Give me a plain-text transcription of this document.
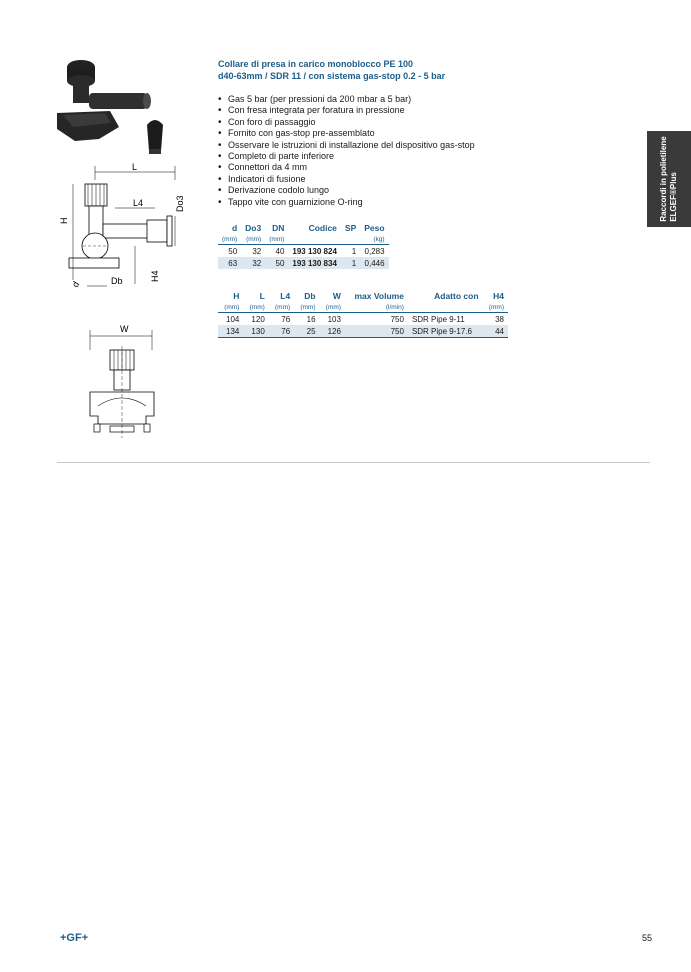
L
L4	Do3
H
H4
Db
d
W
Collare di presa in carico monoblocco PE 100
d40-63mm / SDR 11 / con sistema gas-stop 0.2 - 5 bar
• Gas 5 bar (per pressioni da 200 mbar a 5 bar)
• Con fresa integrata per foratura in pressione
• Con foro di passaggio
• Fornito con gas-stop pre-assemblato
• Osservare le istruzioni di installazione del dispositivo gas-stop
• Completo di parte inferiore
• Connettori da 4 mm
• Indicatori di fusione
• Derivazione codolo lungo
• Tappo vite con guarnizione O-ring
d	Do3	DN	Codice	SP	Peso
(mm)	(mm)	(mm)			(kg)
50	32	40	193 130 824	1	0,283
63	32	50	193 130 834	1	0,446
H	L	L4	Db	W	max Volume	Adatto con	H4
(mm)	(mm)	(mm)	(mm)	(mm)	(l/min)		(mm)
104	120	76	16	103	750	SDR Pipe 9-11	38
134	130	76	25	126	750	SDR Pipe 9-17.6	44
Raccordi in polietilene ELGEF®Plus
+GF+	55
